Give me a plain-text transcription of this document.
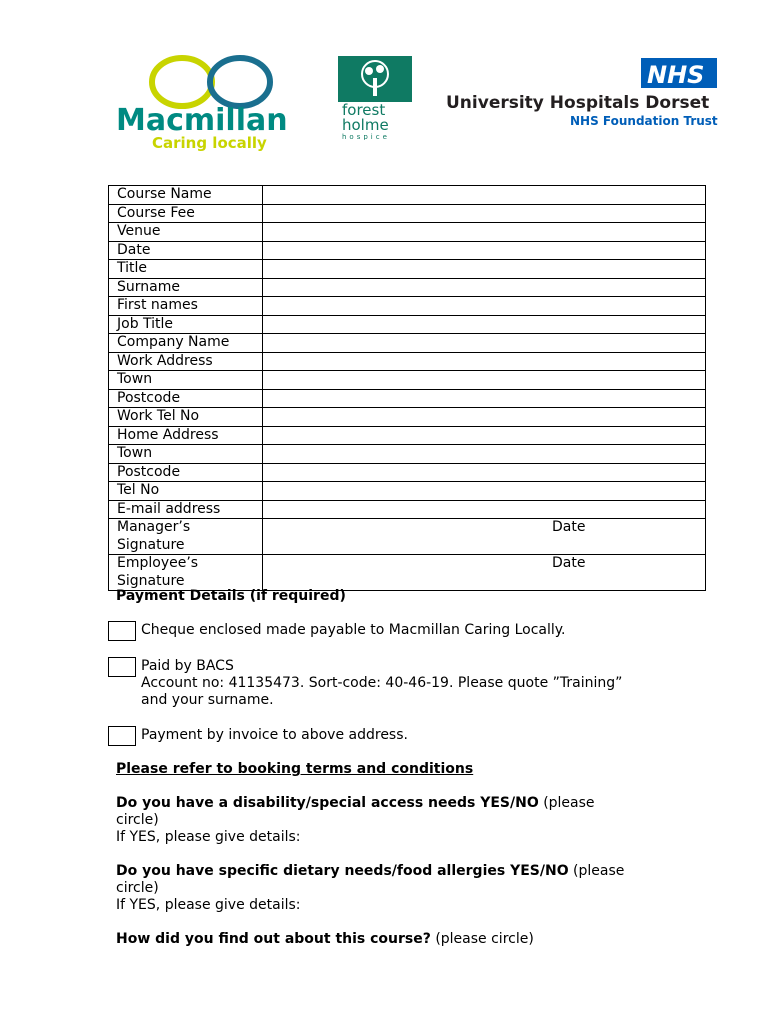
Macmillan
Caring locally
forest
holme
hospice
NHS
University Hospitals Dorset
NHS Foundation Trust
Course Name	
Course Fee	
Venue	
Date	
Title	
Surname	
First names	
Job Title	
Company Name	
Work Address	
Town	
Postcode	
Work Tel No	
Home Address	
Town	
Postcode	
Tel No	
E-mail address	

Manager’s
Signature	Date

Employee’s
Signature	Date
Payment Details (if required)
Cheque enclosed made payable to Macmillan Caring Locally.
Paid by BACS
Account no: 41135473. Sort-code: 40-46-19. Please quote ”Training”
and your surname.
Payment by invoice to above address.
Please refer to booking terms and conditions
Do you have a disability/special access needs YES/NO (please
circle)
If YES, please give details:
Do you have specific dietary needs/food allergies YES/NO (please
circle)
If YES, please give details:
How did you find out about this course? (please circle)
